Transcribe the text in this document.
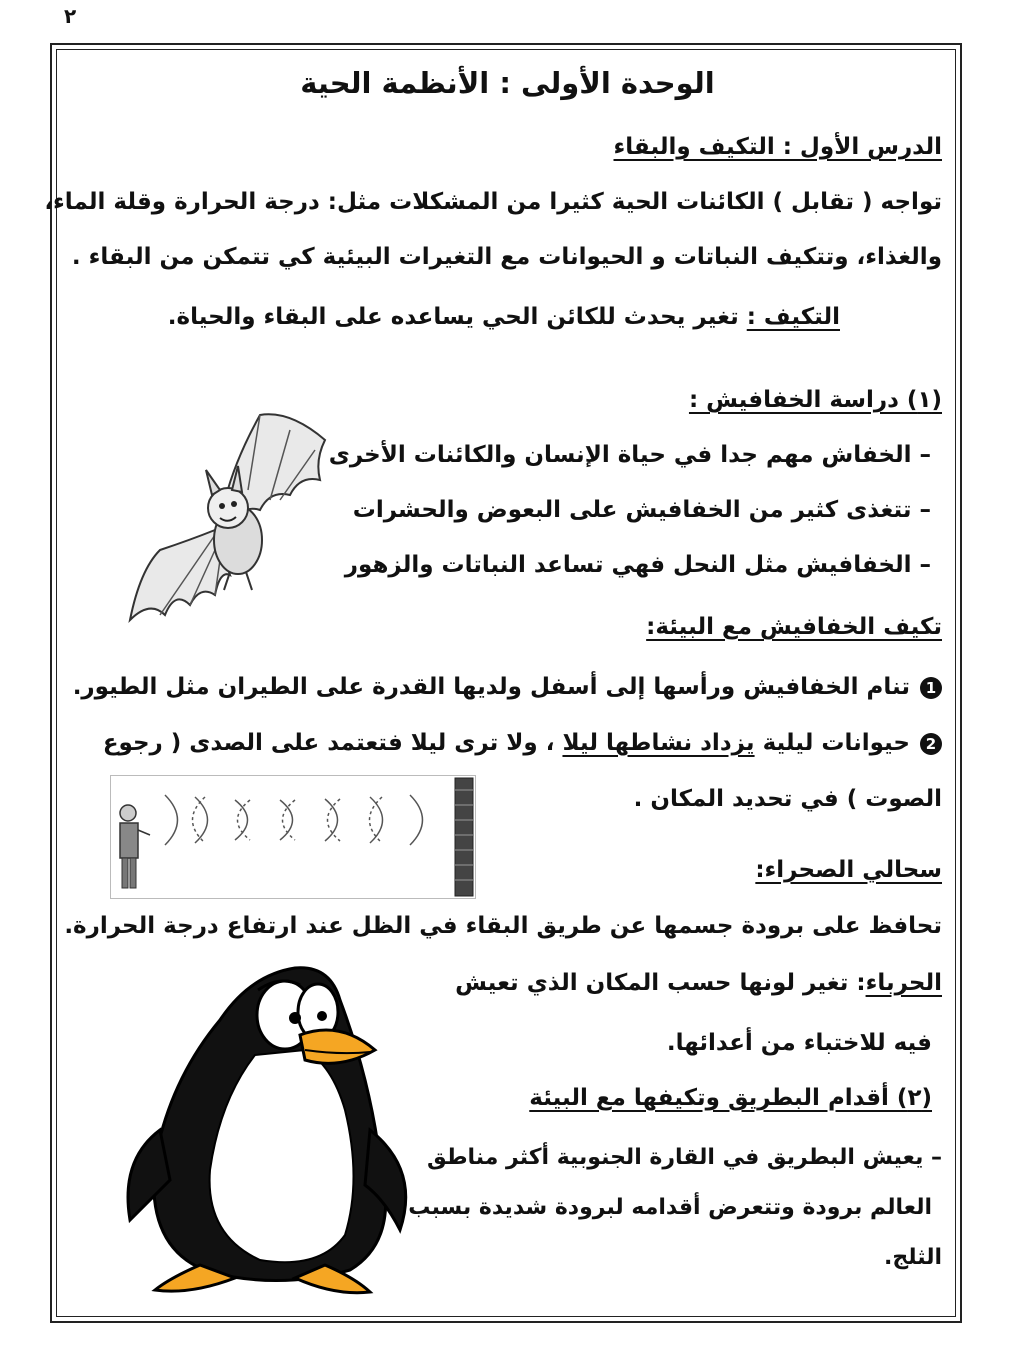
٢
الوحدة الأولى : الأنظمة الحية
الدرس الأول : التكيف والبقاء
تواجه ( تقابل ) الكائنات الحية كثيرا من المشكلات مثل: درجة الحرارة وقلة الماء،
والغذاء، وتتكيف النباتات و الحيوانات مع التغيرات البيئية كي تتمكن من البقاء .
التكيف : تغير يحدث للكائن الحي يساعده على البقاء والحياة.
(١) دراسة الخفافيش :
– الخفاش مهم جدا في حياة الإنسان والكائنات الأخرى
– تتغذى كثير من الخفافيش على البعوض والحشرات
– الخفافيش مثل النحل فهي تساعد النباتات والزهور
تكيف الخفافيش مع البيئة:
1تنام الخفافيش ورأسها إلى أسفل ولديها القدرة على الطيران مثل الطيور.
2حيوانات ليلية يزداد نشاطها ليلا ، ولا ترى ليلا فتعتمد على الصدى ( رجوع
الصوت ) في تحديد المكان .
سحالي الصحراء:
تحافظ على برودة جسمها عن طريق البقاء في الظل عند ارتفاع درجة الحرارة.
الحرباء: تغير لونها حسب المكان الذي تعيش
فيه للاختباء من أعدائها.
(٢) أقدام البطريق وتكيفها مع البيئة
– يعيش البطريق في القارة الجنوبية أكثر مناطق
العالم برودة وتتعرض أقدامه لبرودة شديدة بسبب
الثلج.
